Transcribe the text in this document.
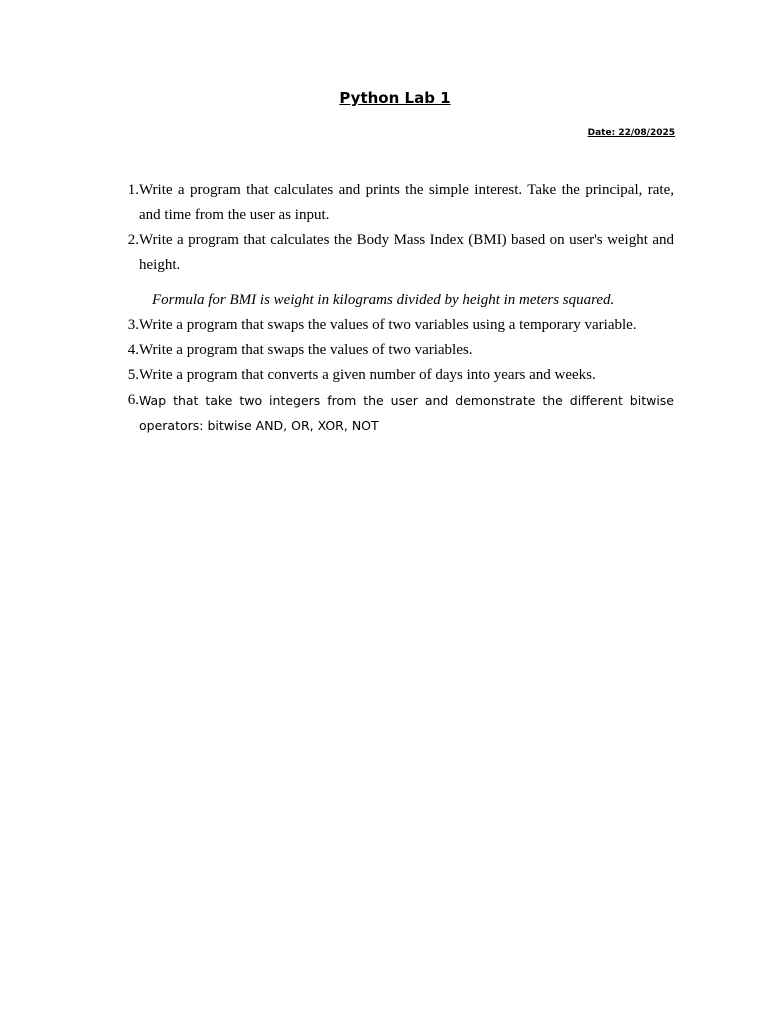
Python Lab 1
Date: 22/08/2025
1. Write a program that calculates and prints the simple interest. Take the principal, rate, and time from the user as input.
2. Write a program that calculates the Body Mass Index (BMI) based on user's weight and height.
Formula for BMI is weight in kilograms divided by height in meters squared.
3. Write a program that swaps the values of two variables using a temporary variable.
4. Write a program that swaps the values of two variables.
5. Write a program that converts a given number of days into years and weeks.
6. Wap that take two integers from the user and demonstrate the different bitwise operators: bitwise AND, OR, XOR, NOT
